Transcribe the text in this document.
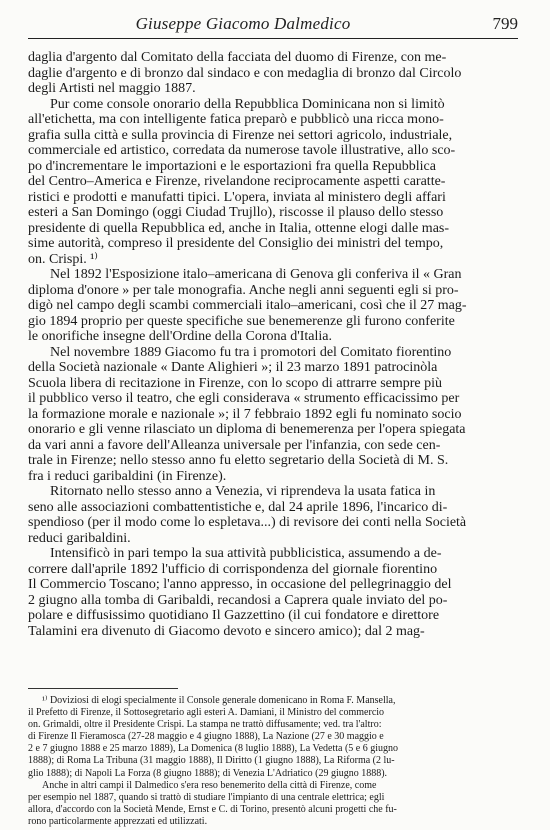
Giuseppe Giacomo Dalmedico	799
daglia d'argento dal Comitato della facciata del duomo di Firenze, con me-
daglie d'argento e di bronzo dal sindaco e con medaglia di bronzo dal Circolo
degli Artisti nel maggio 1887.
Pur come console onorario della Repubblica Dominicana non si limitò
all'etichetta, ma con intelligente fatica preparò e pubblicò una ricca mono-
grafia sulla città e sulla provincia di Firenze nei settori agricolo, industriale,
commerciale ed artistico, corredata da numerose tavole illustrative, allo sco-
po d'incrementare le importazioni e le esportazioni fra quella Repubblica
del Centro–America e Firenze, rivelandone reciprocamente aspetti caratte-
ristici e prodotti e manufatti tipici. L'opera, inviata al ministero degli affari
esteri a San Domingo (oggi Ciudad Trujllo), riscosse il plauso dello stesso
presidente di quella Repubblica ed, anche in Italia, ottenne elogi dalle mas-
sime autorità, compreso il presidente del Consiglio dei ministri del tempo,
on. Crispi. ¹⁾
Nel 1892 l'Esposizione italo–americana di Genova gli conferiva il « Gran
diploma d'onore » per tale monografia. Anche negli anni seguenti egli si pro-
digò nel campo degli scambi commerciali italo–americani, così che il 27 mag-
gio 1894 proprio per queste specifiche sue benemerenze gli furono conferite
le onorifiche insegne dell'Ordine della Corona d'Italia.
Nel novembre 1889 Giacomo fu tra i promotori del Comitato fiorentino
della Società nazionale « Dante Alighieri »; il 23 marzo 1891 patrocinòla
Scuola libera di recitazione in Firenze, con lo scopo di attrarre sempre più
il pubblico verso il teatro, che egli considerava « strumento efficacissimo per
la formazione morale e nazionale »; il 7 febbraio 1892 egli fu nominato socio
onorario e gli venne rilasciato un diploma di benemerenza per l'opera spiegata
da vari anni a favore dell'Alleanza universale per l'infanzia, con sede cen-
trale in Firenze; nello stesso anno fu eletto segretario della Società di M. S.
fra i reduci garibaldini (in Firenze).
Ritornato nello stesso anno a Venezia, vi riprendeva la usata fatica in
seno alle associazioni combattentistiche e, dal 24 aprile 1896, l'incarico di-
spendioso (per il modo come lo espletava...) di revisore dei conti nella Società
reduci garibaldini.
Intensificò in pari tempo la sua attività pubblicistica, assumendo a de-
correre dall'aprile 1892 l'ufficio di corrispondenza del giornale fiorentino
Il Commercio Toscano; l'anno appresso, in occasione del pellegrinaggio del
2 giugno alla tomba di Garibaldi, recandosi a Caprera quale inviato del po-
polare e diffusissimo quotidiano Il Gazzettino (il cui fondatore e direttore
Talamini era divenuto di Giacomo devoto e sincero amico); dal 2 mag-
¹⁾ Doviziosi di elogi specialmente il Console generale domenicano in Roma F. Mansella,
il Prefetto di Firenze, il Sottosegretario agli esteri A. Damiani, il Ministro del commercio
on. Grimaldi, oltre il Presidente Crispi. La stampa ne trattò diffusamente; ved. tra l'altro:
di Firenze Il Fieramosca (27-28 maggio e 4 giugno 1888), La Nazione (27 e 30 maggio e
2 e 7 giugno 1888 e 25 marzo 1889), La Domenica (8 luglio 1888), La Vedetta (5 e 6 giugno
1888); di Roma La Tribuna (31 maggio 1888), Il Diritto (1 giugno 1888), La Riforma (2 lu-
glio 1888); di Napoli La Forza (8 giugno 1888); di Venezia L'Adriatico (29 giugno 1888).
Anche in altri campi il Dalmedico s'era reso benemerito della città di Firenze, come
per esempio nel 1887, quando si trattò di studiare l'impianto di una centrale elettrica; egli
allora, d'accordo con la Società Mende, Ernst e C. di Torino, presentò alcuni progetti che fu-
rono particolarmente apprezzati ed utilizzati.
